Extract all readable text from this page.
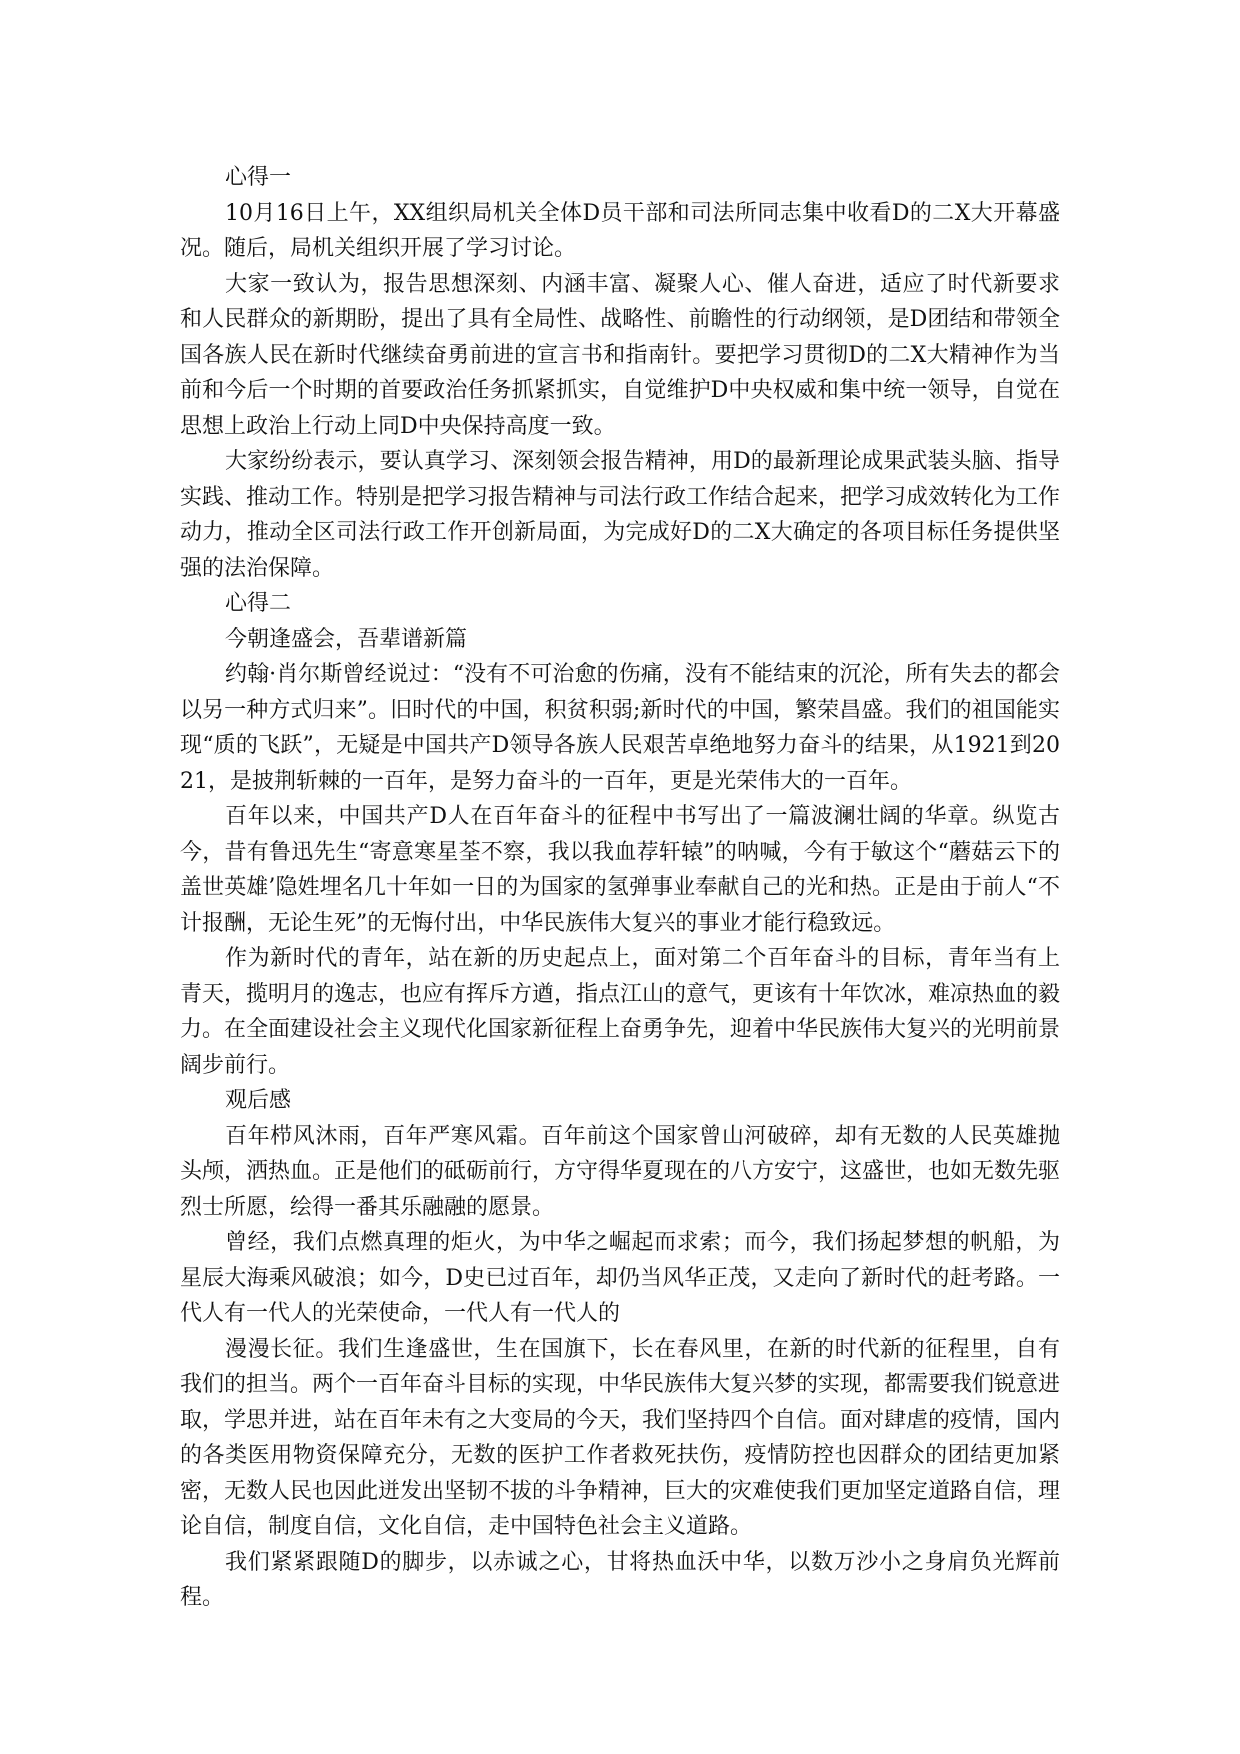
心得一

10月16日上午，XX组织局机关全体D员干部和司法所同志集中收看D的二X大开幕盛况。随后，局机关组织开展了学习讨论。

大家一致认为，报告思想深刻、内涵丰富、凝聚人心、催人奋进，适应了时代新要求和人民群众的新期盼，提出了具有全局性、战略性、前瞻性的行动纲领，是D团结和带领全国各族人民在新时代继续奋勇前进的宣言书和指南针。要把学习贯彻D的二X大精神作为当前和今后一个时期的首要政治任务抓紧抓实，自觉维护D中央权威和集中统一领导，自觉在思想上政治上行动上同D中央保持高度一致。

大家纷纷表示，要认真学习、深刻领会报告精神，用D的最新理论成果武装头脑、指导实践、推动工作。特别是把学习报告精神与司法行政工作结合起来，把学习成效转化为工作动力，推动全区司法行政工作开创新局面，为完成好D的二X大确定的各项目标任务提供坚强的法治保障。

心得二

今朝逢盛会，吾辈谱新篇

约翰·肖尔斯曾经说过：“没有不可治愈的伤痛，没有不能结束的沉沦，所有失去的都会以另一种方式归来”。旧时代的中国，积贫积弱;新时代的中国，繁荣昌盛。我们的祖国能实现“质的飞跃”，无疑是中国共产D领导各族人民艰苦卓绝地努力奋斗的结果，从1921到2021，是披荆斩棘的一百年，是努力奋斗的一百年，更是光荣伟大的一百年。

百年以来，中国共产D人在百年奋斗的征程中书写出了一篇波澜壮阔的华章。纵览古今，昔有鲁迅先生“寄意寒星荃不察，我以我血荐轩辕”的呐喊，今有于敏这个“蘑菇云下的盖世英雄’隐姓埋名几十年如一日的为国家的氢弹事业奉献自己的光和热。正是由于前人“不计报酬，无论生死”的无悔付出，中华民族伟大复兴的事业才能行稳致远。

作为新时代的青年，站在新的历史起点上，面对第二个百年奋斗的目标，青年当有上青天，揽明月的逸志，也应有挥斥方遒，指点江山的意气，更该有十年饮冰，难凉热血的毅力。在全面建设社会主义现代化国家新征程上奋勇争先，迎着中华民族伟大复兴的光明前景阔步前行。

观后感

百年栉风沐雨，百年严寒风霜。百年前这个国家曾山河破碎，却有无数的人民英雄抛头颅，洒热血。正是他们的砥砺前行，方守得华夏现在的八方安宁，这盛世，也如无数先驱烈士所愿，绘得一番其乐融融的愿景。

曾经，我们点燃真理的炬火，为中华之崛起而求索；而今，我们扬起梦想的帆船，为星辰大海乘风破浪；如今，D史已过百年，却仍当风华正茂，又走向了新时代的赶考路。一代人有一代人的光荣使命，一代人有一代人的

漫漫长征。我们生逢盛世，生在国旗下，长在春风里，在新的时代新的征程里，自有我们的担当。两个一百年奋斗目标的实现，中华民族伟大复兴梦的实现，都需要我们锐意进取，学思并进，站在百年未有之大变局的今天，我们坚持四个自信。面对肆虐的疫情，国内的各类医用物资保障充分，无数的医护工作者救死扶伤，疫情防控也因群众的团结更加紧密，无数人民也因此迸发出坚韧不拔的斗争精神，巨大的灾难使我们更加坚定道路自信，理论自信，制度自信，文化自信，走中国特色社会主义道路。

我们紧紧跟随D的脚步，以赤诚之心，甘将热血沃中华，以数万沙小之身肩负光辉前程。
